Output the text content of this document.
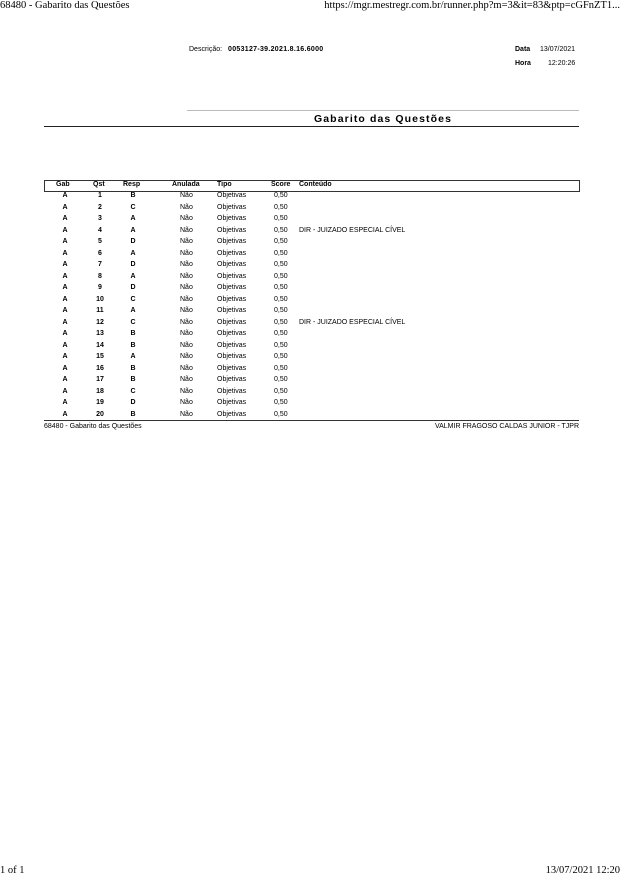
68480 - Gabarito das Questões	https://mgr.mestregr.com.br/runner.php?m=3&it=83&ptp=cGFnZT1...
Descrição: 0053127-39.2021.8.16.6000	Data 13/07/2021
Hora 12:20:26
Gabarito das Questões
Gab	Qst	Resp	Anulada Tipo	Score Conteúdo
A	1	B	Não	Objetivas	0,50
A	2	C	Não	Objetivas	0,50
A	3	A	Não	Objetivas	0,50
A	4	A	Não	Objetivas	0,50 DIR - JUIZADO ESPECIAL CÍVEL
A	5	D	Não	Objetivas	0,50
A	6	A	Não	Objetivas	0,50
A	7	D	Não	Objetivas	0,50
A	8	A	Não	Objetivas	0,50
A	9	D	Não	Objetivas	0,50
A	10	C	Não	Objetivas	0,50
A	11	A	Não	Objetivas	0,50
A	12	C	Não	Objetivas	0,50 DIR - JUIZADO ESPECIAL CÍVEL
A	13	B	Não	Objetivas	0,50
A	14	B	Não	Objetivas	0,50
A	15	A	Não	Objetivas	0,50
A	16	B	Não	Objetivas	0,50
A	17	B	Não	Objetivas	0,50
A	18	C	Não	Objetivas	0,50
A	19	D	Não	Objetivas	0,50
A	20	B	Não	Objetivas	0,50
68480 - Gabarito das Questões	VALMIR FRAGOSO CALDAS JUNIOR - TJPR
1 of 1	13/07/2021 12:20
